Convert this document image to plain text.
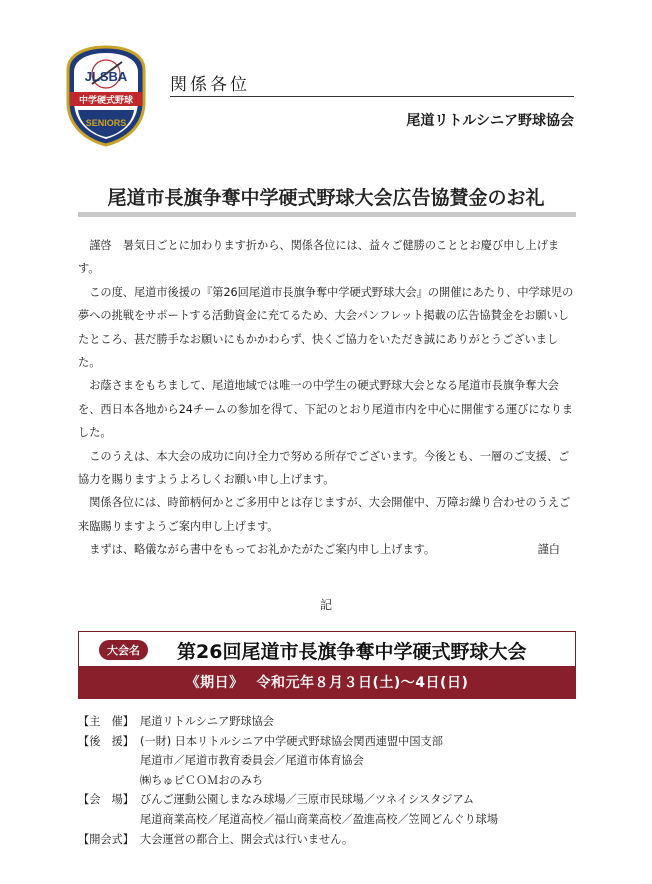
JLSBA
中学硬式野球
SENIORS
関係各位
尾道リトルシニア野球協会
尾道市長旗争奪中学硬式野球大会広告協賛金のお礼

謹啓　暑気日ごとに加わります折から、関係各位には、益々ご健勝のこととお慶び申し上げます。

この度、尾道市後援の『第26回尾道市長旗争奪中学硬式野球大会』の開催にあたり、中学球児の夢への挑戦をサポートする活動資金に充てるため、大会パンフレット掲載の広告協賛金をお願いしたところ、甚だ勝手なお願いにもかかわらず、快くご協力をいただき誠にありがとうございました。

お蔭さまをもちまして、尾道地域では唯一の中学生の硬式野球大会となる尾道市長旗争奪大会を、西日本各地から24チームの参加を得て、下記のとおり尾道市内を中心に開催する運びになりました。

このうえは、本大会の成功に向け全力で努める所存でございます。今後とも、一層のご支援、ご協力を賜りますようよろしくお願い申し上げます。

関係各位には、時節柄何かとご多用中とは存じますが、大会開催中、万障お繰り合わせのうえご来臨賜りますようご案内申し上げます。

まずは、略儀ながら書中をもってお礼かたがたご案内申し上げます。	謹白

記
大会名	第26回尾道市長旗争奪中学硬式野球大会
《期日》　 令和元年８月３日(土)～4日(日)
【主　催】 尾道リトルシニア野球協会
【後　援】 (一財) 日本リトルシニア中学硬式野球協会関西連盟中国支部
尾道市／尾道市教育委員会／尾道市体育協会
㈱ちゅピＣＯＭおのみち
【会　場】 びんご運動公園しまなみ球場／三原市民球場／ツネイシスタジアム
尾道商業高校／尾道高校／福山商業高校／盈進高校／笠岡どんぐり球場
【開会式】 大会運営の都合上、開会式は行いません。
